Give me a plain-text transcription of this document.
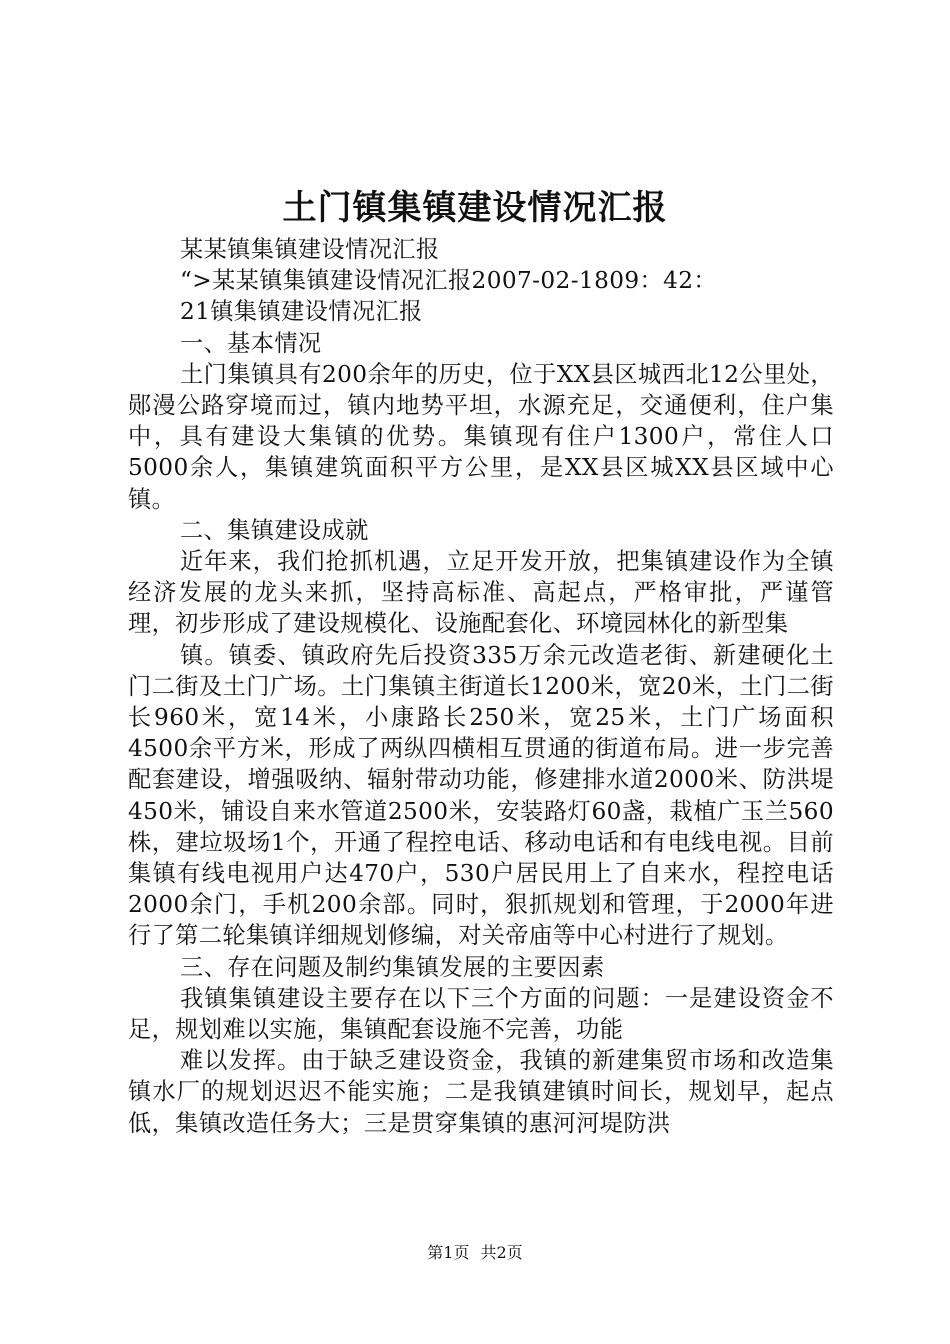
土门镇集镇建设情况汇报

某某镇集镇建设情况汇报

“>某某镇集镇建设情况汇报2007-02-1809：42：

21镇集镇建设情况汇报

一、基本情况

土门集镇具有200余年的历史，位于XX县区城西北12公里处，郧漫公路穿境而过，镇内地势平坦，水源充足，交通便利，住户集中，具有建设大集镇的优势。集镇现有住户1300户，常住人口5000余人，集镇建筑面积平方公里，是XX县区城XX县区域中心镇。

二、集镇建设成就

近年来，我们抢抓机遇，立足开发开放，把集镇建设作为全镇经济发展的龙头来抓，坚持高标准、高起点，严格审批，严谨管理，初步形成了建设规模化、设施配套化、环境园林化的新型集

镇。镇委、镇政府先后投资335万余元改造老街、新建硬化土门二街及土门广场。土门集镇主街道长1200米，宽20米，土门二街长960米，宽14米，小康路长250米，宽25米，土门广场面积4500余平方米，形成了两纵四横相互贯通的街道布局。进一步完善配套建设，增强吸纳、辐射带动功能，修建排水道2000米、防洪堤450米，铺设自来水管道2500米，安装路灯60盏，栽植广玉兰560株，建垃圾场1个，开通了程控电话、移动电话和有电线电视。目前集镇有线电视用户达470户，530户居民用上了自来水，程控电话2000余门，手机200余部。同时，狠抓规划和管理，于2000年进行了第二轮集镇详细规划修编，对关帝庙等中心村进行了规划。

三、存在问题及制约集镇发展的主要因素

我镇集镇建设主要存在以下三个方面的问题：一是建设资金不足，规划难以实施，集镇配套设施不完善，功能

难以发挥。由于缺乏建设资金，我镇的新建集贸市场和改造集镇水厂的规划迟迟不能实施；二是我镇建镇时间长，规划早，起点低，集镇改造任务大；三是贯穿集镇的惠河河堤防洪

第1页 共2页
